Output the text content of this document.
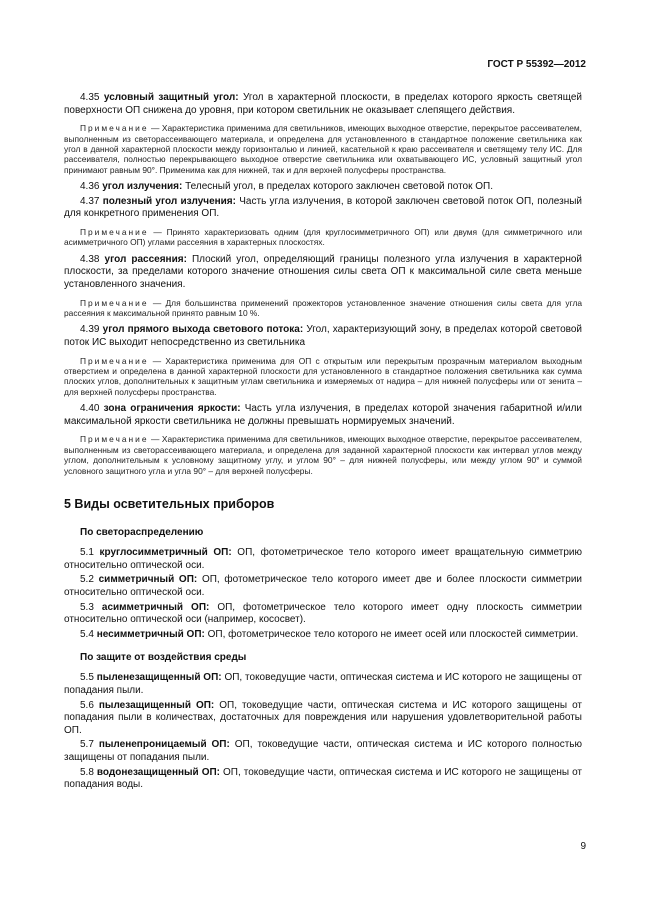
ГОСТ Р 55392—2012

4.35 условный защитный угол: Угол в характерной плоскости, в пределах которого яркость светящей поверхности ОП снижена до уровня, при котором светильник не оказывает слепящего действия.

Примечание — Характеристика применима для светильников, имеющих выходное отверстие, перекрытое рассеивателем, выполненным из светорассеивающего материала, и определена для установленного в стандартное положение светильника как угол в данной характерной плоскости между горизонталью и линией, касательной к краю рассеивателя и светящему телу ИС. Для рассеивателя, полностью перекрывающего выходное отверстие светильника или охватывающего ИС, условный защитный угол принимают равным 90°. Применима как для нижней, так и для верхней полусферы пространства.

4.36 угол излучения: Телесный угол, в пределах которого заключен световой поток ОП.

4.37 полезный угол излучения: Часть угла излучения, в которой заключен световой поток ОП, полезный для конкретного применения ОП.

Примечание — Принято характеризовать одним (для круглосимметричного ОП) или двумя (для симметричного или асимметричного ОП) углами рассеяния в характерных плоскостях.

4.38 угол рассеяния: Плоский угол, определяющий границы полезного угла излучения в характерной плоскости, за пределами которого значение отношения силы света ОП к максимальной силе света меньше установленного значения.

Примечание — Для большинства применений прожекторов установленное значение отношения силы света для угла рассеяния к максимальной принято равным 10 %.

4.39 угол прямого выхода светового потока: Угол, характеризующий зону, в пределах которой световой поток ИС выходит непосредственно из светильника

Примечание — Характеристика применима для ОП с открытым или перекрытым прозрачным материалом выходным отверстием и определена в данной характерной плоскости для установленного в стандартное положения светильника как сумма плоских углов, дополнительных к защитным углам светильника и измеряемых от надира – для нижней полусферы или от зенита – для верхней полусферы пространства.

4.40 зона ограничения яркости: Часть угла излучения, в пределах которой значения габаритной и/или максимальной яркости светильника не должны превышать нормируемых значений.

Примечание — Характеристика применима для светильников, имеющих выходное отверстие, перекрытое рассеивателем, выполненным из светорассеивающего материала, и определена для заданной характерной плоскости как интервал углов между углом, дополнительным к условному защитному углу, и углом 90° – для нижней полусферы, или между углом 90° и суммой условного защитного угла и угла 90° – для верхней полусферы.

5 Виды осветительных приборов
По светораспределению

5.1 круглосимметричный ОП: ОП, фотометрическое тело которого имеет вращательную симметрию относительно оптической оси.

5.2 симметричный ОП: ОП, фотометрическое тело которого имеет две и более плоскости симметрии относительно оптической оси.

5.3 асимметричный ОП: ОП, фотометрическое тело которого имеет одну плоскость симметрии относительно оптической оси (например, кососвет).

5.4 несимметричный ОП: ОП, фотометрическое тело которого не имеет осей или плоскостей симметрии.

По защите от воздействия среды

5.5 пыленезащищенный ОП: ОП, токоведущие части, оптическая система и ИС которого не защищены от попадания пыли.

5.6 пылезащищенный ОП: ОП, токоведущие части, оптическая система и ИС которого защищены от попадания пыли в количествах, достаточных для повреждения или нарушения удовлетворительной работы ОП.

5.7 пыленепроницаемый ОП: ОП, токоведущие части, оптическая система и ИС которого полностью защищены от попадания пыли.

5.8 водонезащищенный ОП: ОП, токоведущие части, оптическая система и ИС которого не защищены от попадания воды.

9
